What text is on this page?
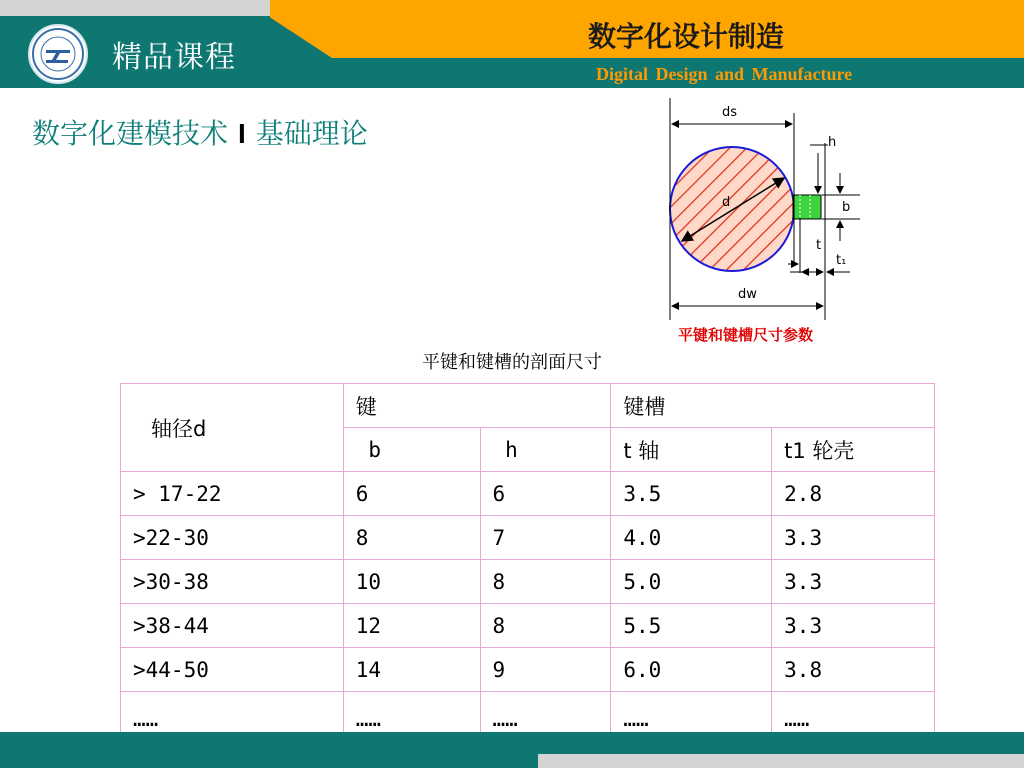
精品课程
数字化设计制造
Digital Design and Manufacture
数字化建模技术 I 基础理论
ds
d
h
b
t
t₁
dw
平键和键槽尺寸参数
平键和键槽的剖面尺寸
轴径d	键		键槽	
	b	h	t 轴	t1 轮壳
> 17-22	6	6	3.5	2.8
>22-30	8	7	4.0	3.3
>30-38	10	8	5.0	3.3
>38-44	12	8	5.5	3.3
>44-50	14	9	6.0	3.8
……	……	……	……	……
